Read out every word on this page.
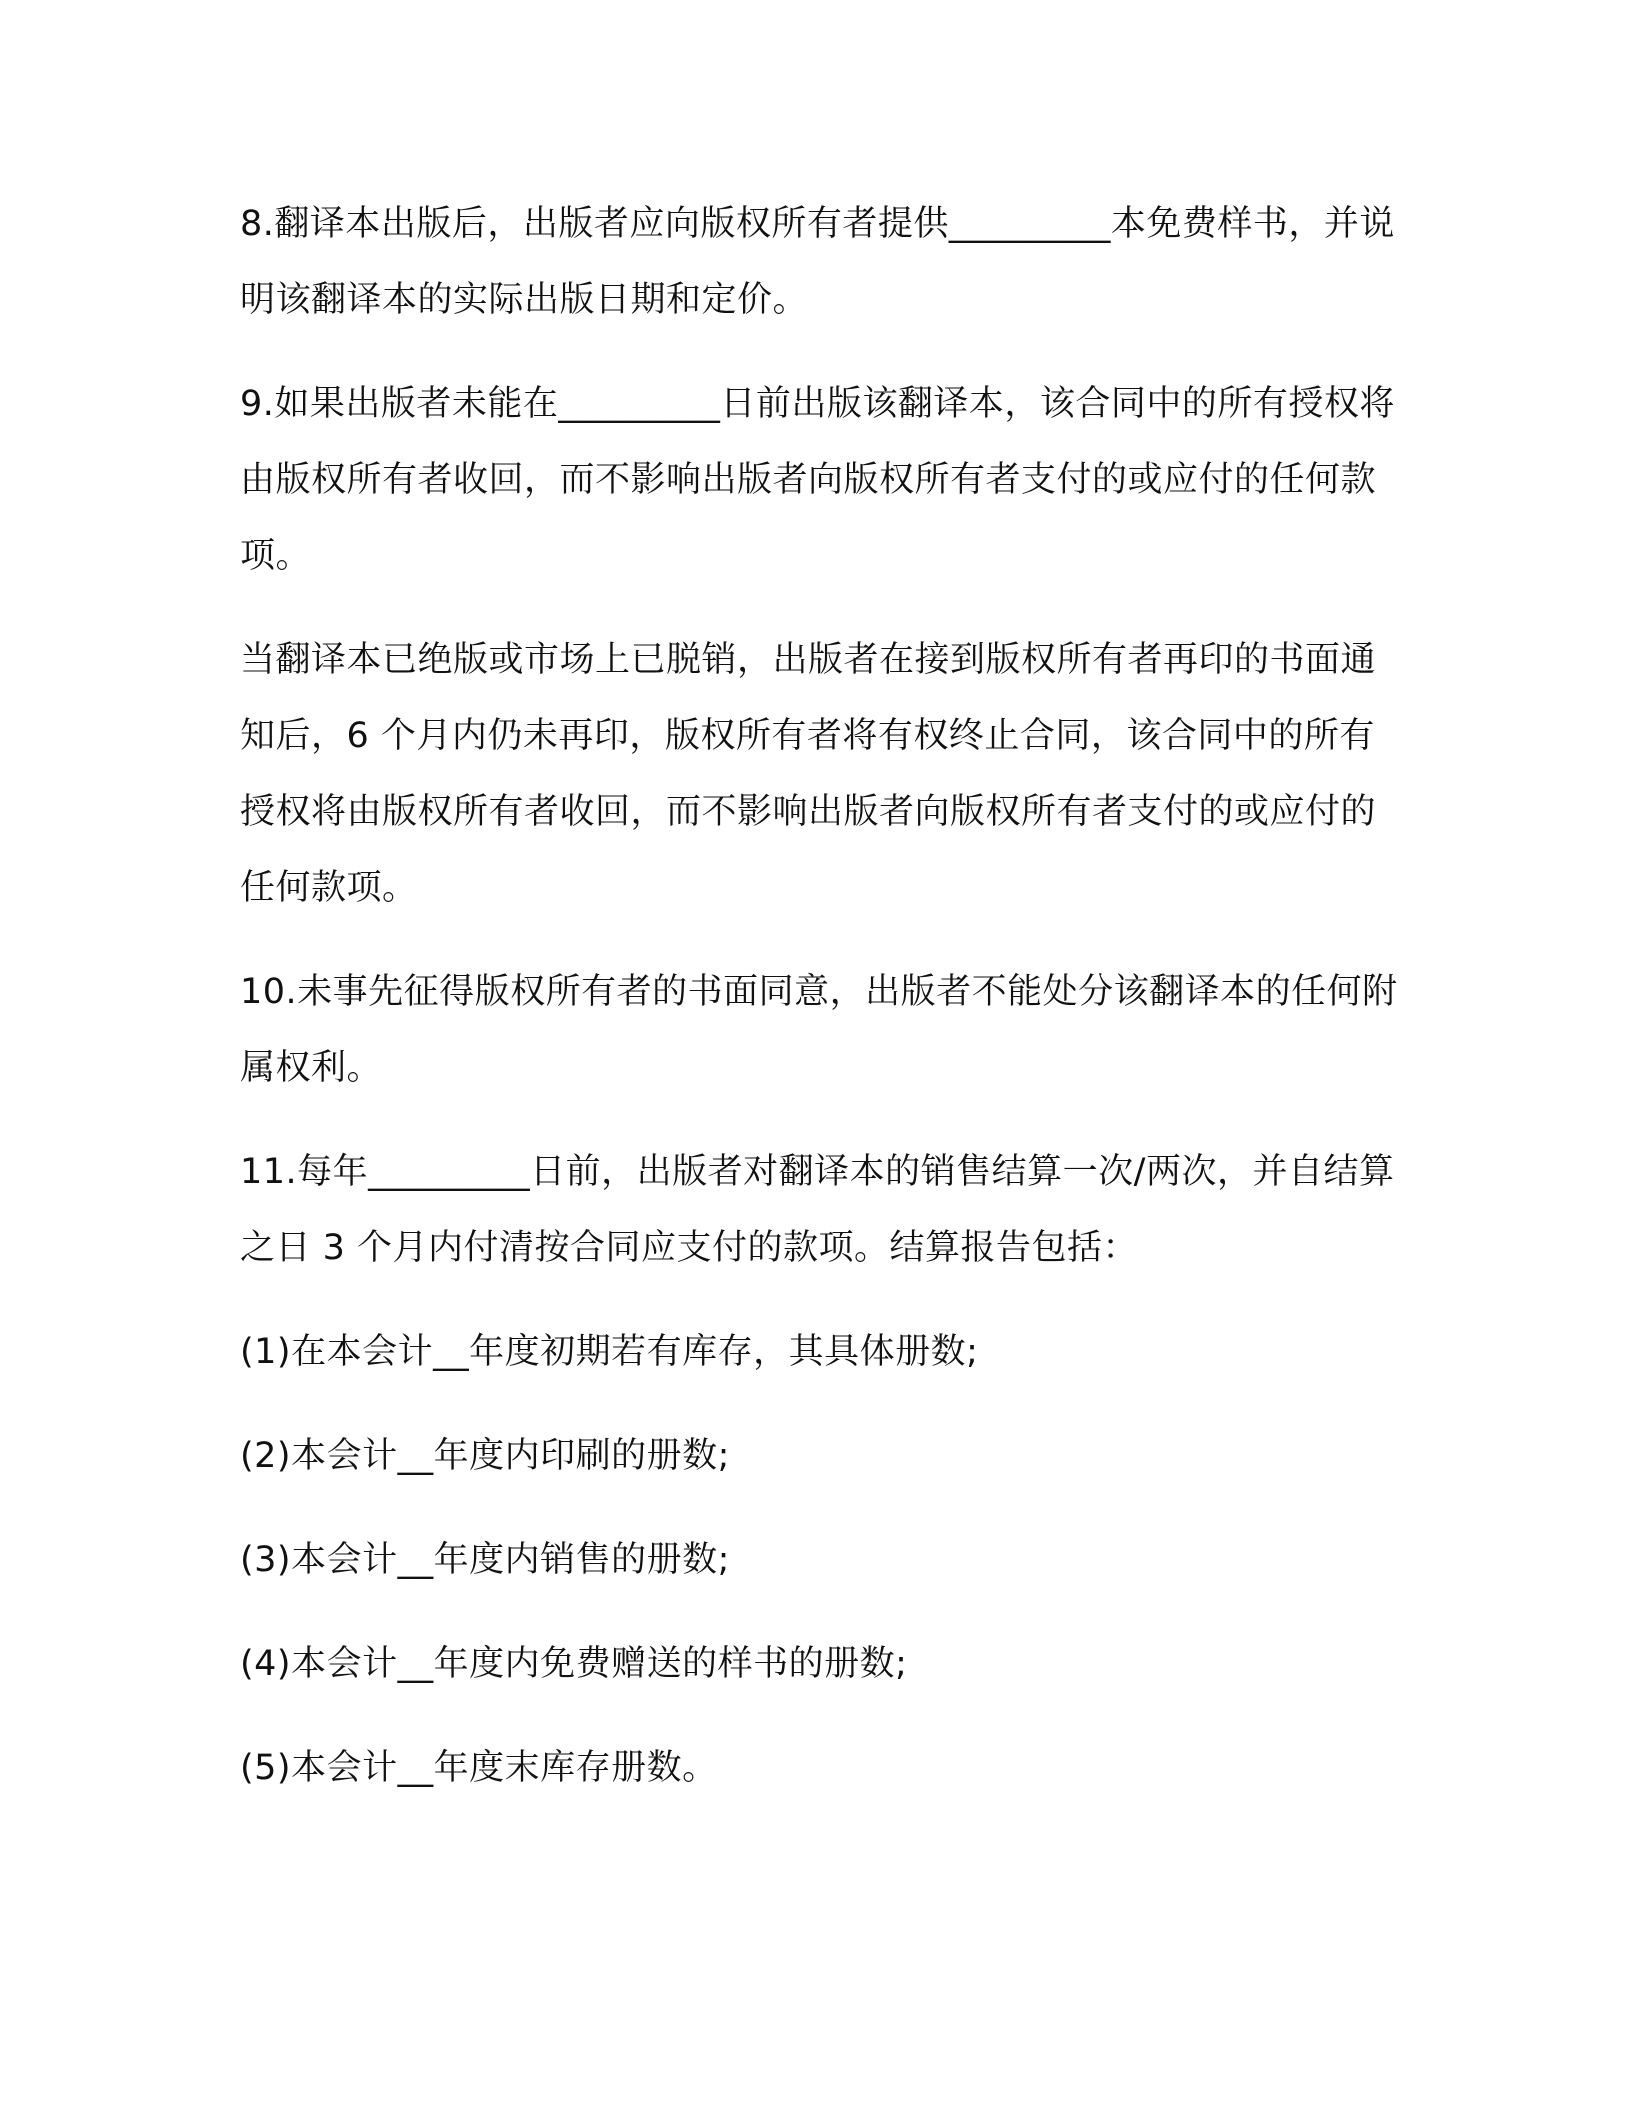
8.翻译本出版后，出版者应向版权所有者提供_________本免费样书，并说明该翻译本的实际出版日期和定价。

9.如果出版者未能在_________日前出版该翻译本，该合同中的所有授权将由版权所有者收回，而不影响出版者向版权所有者支付的或应付的任何款项。

当翻译本已绝版或市场上已脱销，出版者在接到版权所有者再印的书面通知后，6 个月内仍未再印，版权所有者将有权终止合同，该合同中的所有授权将由版权所有者收回，而不影响出版者向版权所有者支付的或应付的任何款项。

10.未事先征得版权所有者的书面同意，出版者不能处分该翻译本的任何附属权利。

11.每年_________日前，出版者对翻译本的销售结算一次/两次，并自结算之日 3 个月内付清按合同应支付的款项。结算报告包括：

(1)在本会计__年度初期若有库存，其具体册数;

(2)本会计__年度内印刷的册数;

(3)本会计__年度内销售的册数;

(4)本会计__年度内免费赠送的样书的册数;

(5)本会计__年度末库存册数。
